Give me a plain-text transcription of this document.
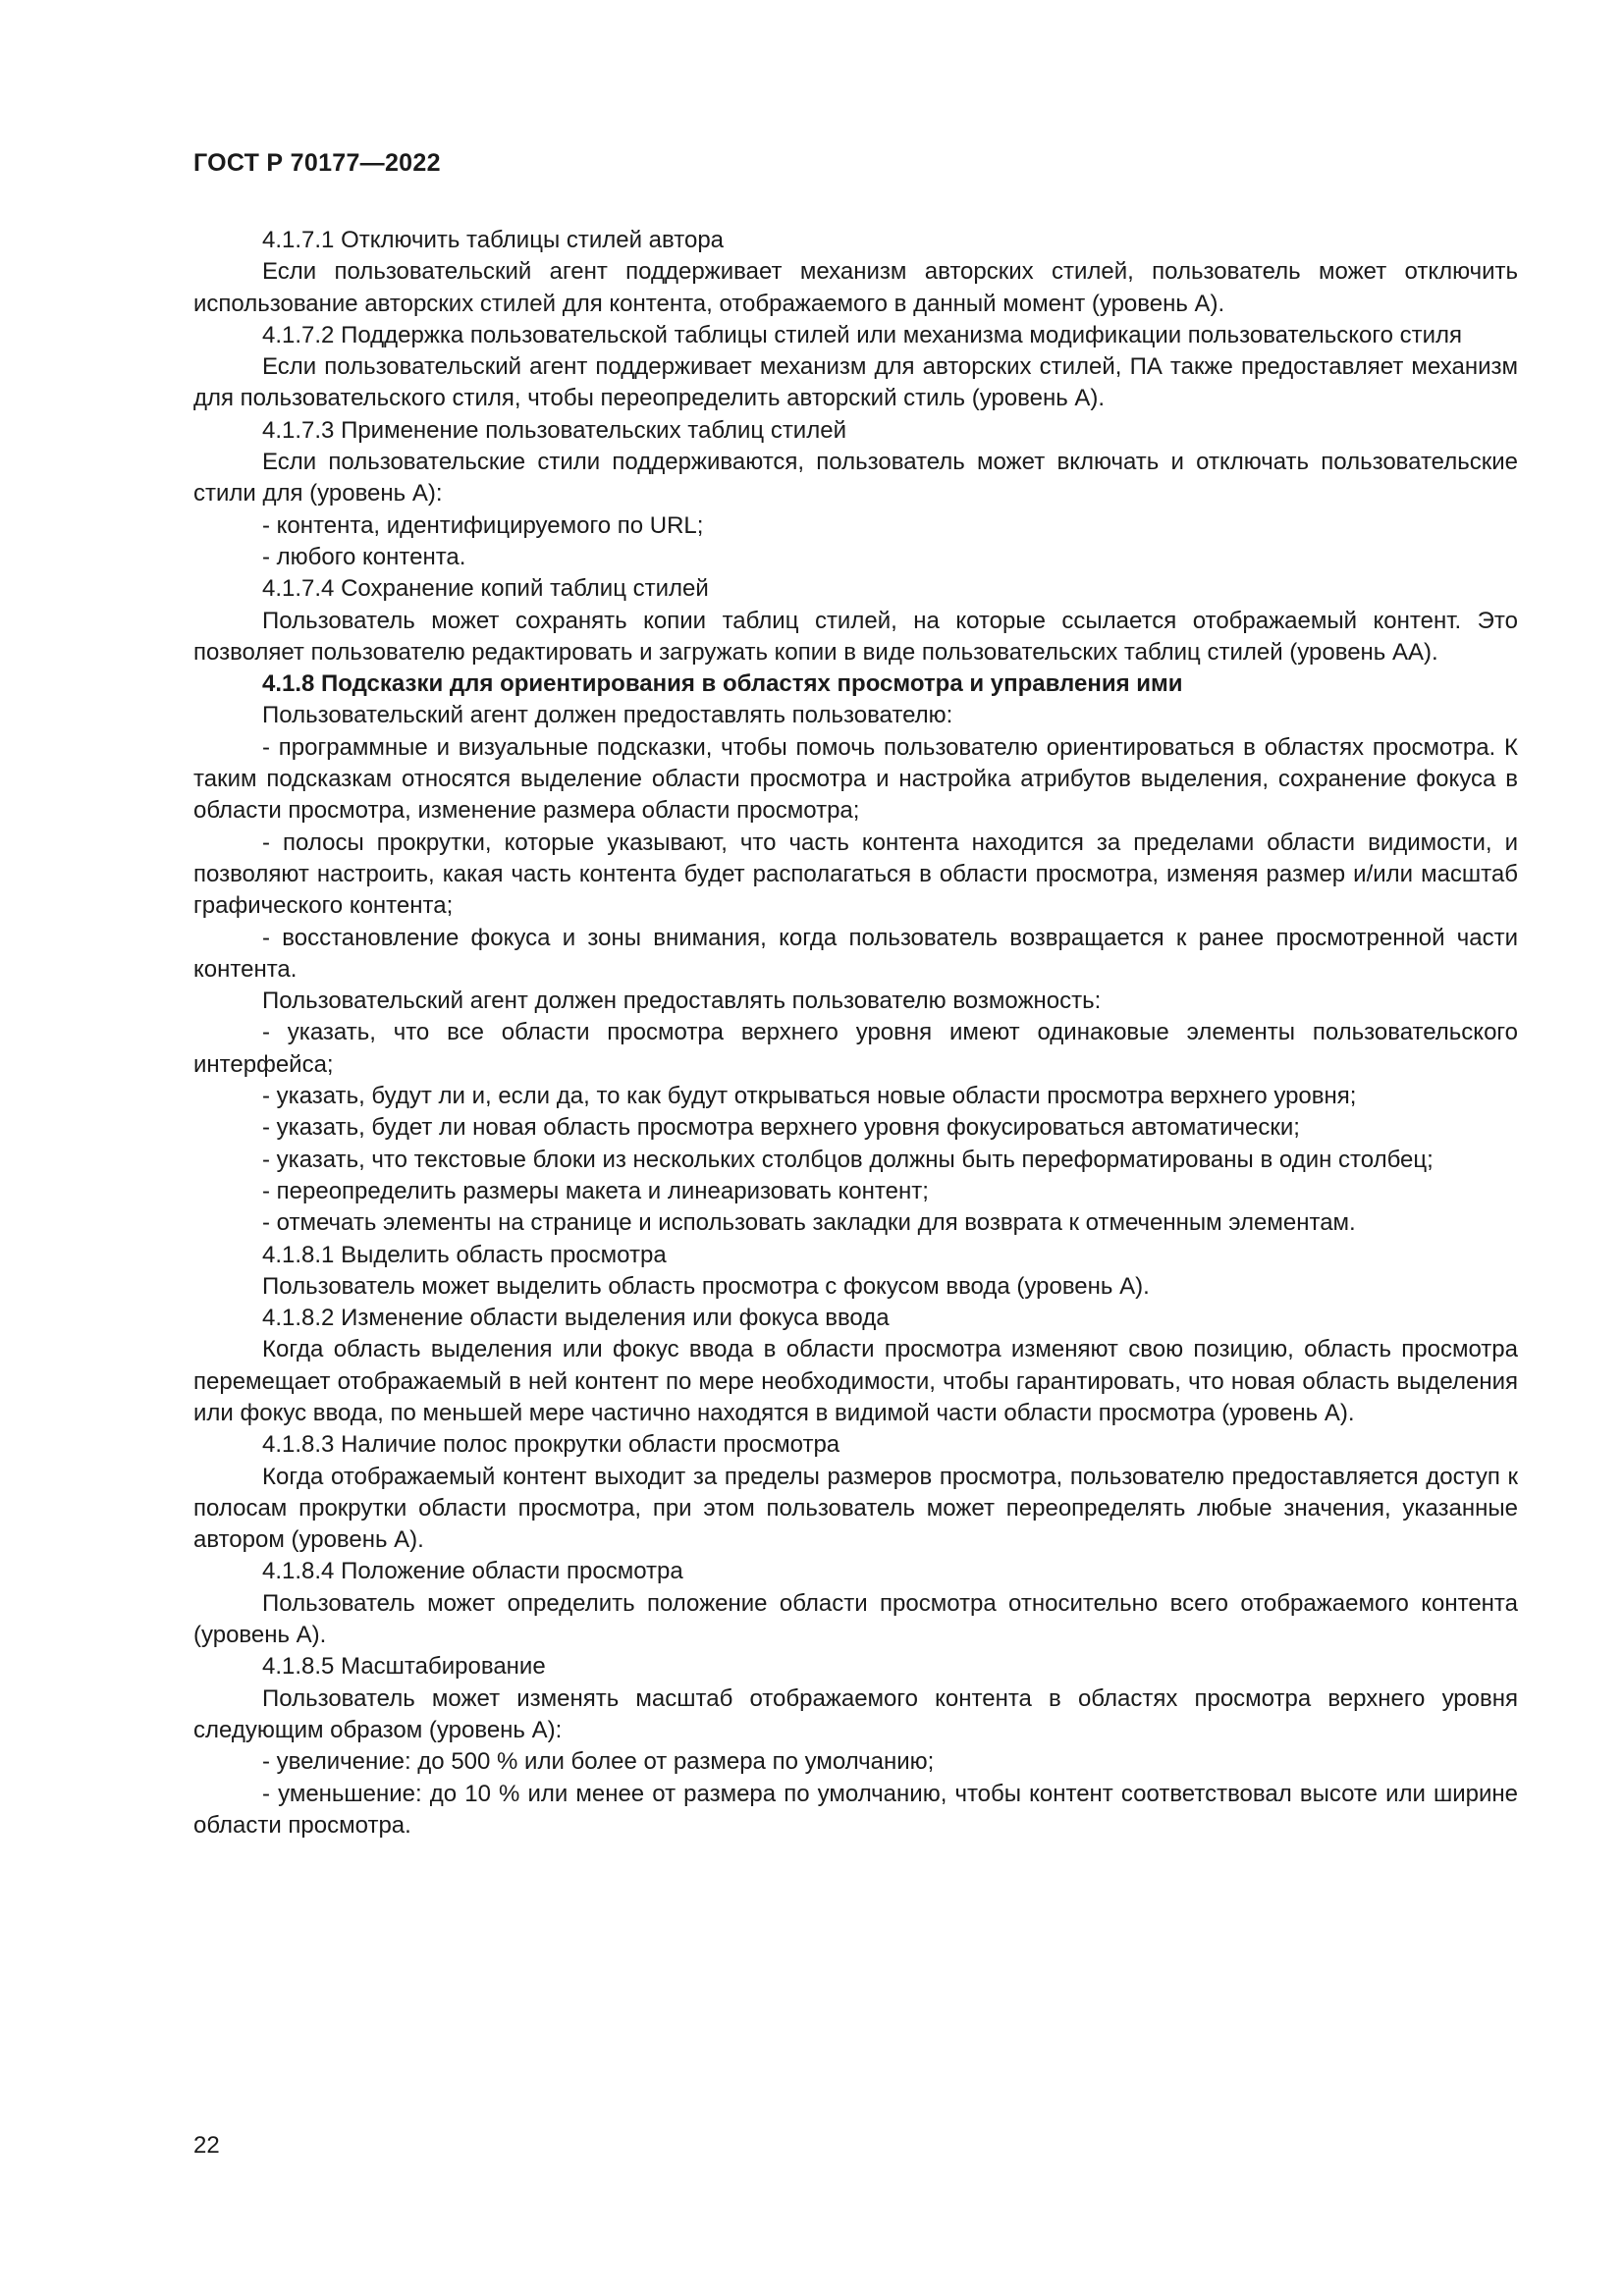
ГОСТ Р 70177—2022

4.1.7.1 Отключить таблицы стилей автора

Если пользовательский агент поддерживает механизм авторских стилей, пользователь может отключить использование авторских стилей для контента, отображаемого в данный момент (уровень А).

4.1.7.2 Поддержка пользовательской таблицы стилей или механизма модификации пользовательского стиля

Если пользовательский агент поддерживает механизм для авторских стилей, ПА также предоставляет механизм для пользовательского стиля, чтобы переопределить авторский стиль (уровень А).

4.1.7.3 Применение пользовательских таблиц стилей

Если пользовательские стили поддерживаются, пользователь может включать и отключать пользовательские стили для (уровень А):

- контента, идентифицируемого по URL;

- любого контента.

4.1.7.4 Сохранение копий таблиц стилей

Пользователь может сохранять копии таблиц стилей, на которые ссылается отображаемый контент. Это позволяет пользователю редактировать и загружать копии в виде пользовательских таблиц стилей (уровень АА).

4.1.8 Подсказки для ориентирования в областях просмотра и управления ими

Пользовательский агент должен предоставлять пользователю:

- программные и визуальные подсказки, чтобы помочь пользователю ориентироваться в областях просмотра. К таким подсказкам относятся выделение области просмотра и настройка атрибутов выделения, сохранение фокуса в области просмотра, изменение размера области просмотра;

- полосы прокрутки, которые указывают, что часть контента находится за пределами области видимости, и позволяют настроить, какая часть контента будет располагаться в области просмотра, изменяя размер и/или масштаб графического контента;

- восстановление фокуса и зоны внимания, когда пользователь возвращается к ранее просмотренной части контента.

Пользовательский агент должен предоставлять пользователю возможность:

- указать, что все области просмотра верхнего уровня имеют одинаковые элементы пользовательского интерфейса;

- указать, будут ли и, если да, то как будут открываться новые области просмотра верхнего уровня;

- указать, будет ли новая область просмотра верхнего уровня фокусироваться автоматически;

- указать, что текстовые блоки из нескольких столбцов должны быть переформатированы в один столбец;

- переопределить размеры макета и линеаризовать контент;

- отмечать элементы на странице и использовать закладки для возврата к отмеченным элементам.

4.1.8.1 Выделить область просмотра

Пользователь может выделить область просмотра с фокусом ввода (уровень А).

4.1.8.2 Изменение области выделения или фокуса ввода

Когда область выделения или фокус ввода в области просмотра изменяют свою позицию, область просмотра перемещает отображаемый в ней контент по мере необходимости, чтобы гарантировать, что новая область выделения или фокус ввода, по меньшей мере частично находятся в видимой части области просмотра (уровень А).

4.1.8.3 Наличие полос прокрутки области просмотра

Когда отображаемый контент выходит за пределы размеров просмотра, пользователю предоставляется доступ к полосам прокрутки области просмотра, при этом пользователь может переопределять любые значения, указанные автором (уровень А).

4.1.8.4 Положение области просмотра

Пользователь может определить положение области просмотра относительно всего отображаемого контента (уровень А).

4.1.8.5 Масштабирование

Пользователь может изменять масштаб отображаемого контента в областях просмотра верхнего уровня следующим образом (уровень А):

- увеличение: до 500 % или более от размера по умолчанию;

- уменьшение: до 10 % или менее от размера по умолчанию, чтобы контент соответствовал высоте или ширине области просмотра.

22
